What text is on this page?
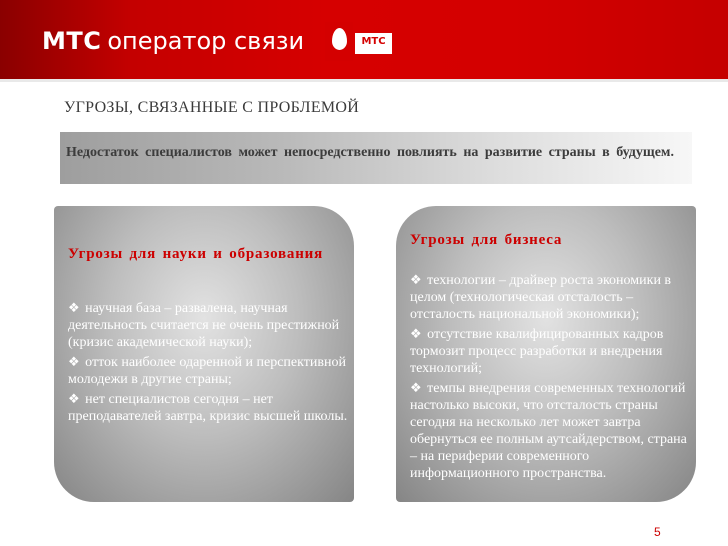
МТС оператор связи	МТС
УГРОЗЫ, СВЯЗАННЫЕ С ПРОБЛЕМОЙ
Недостаток специалистов может непосредственно повлиять на развитие страны в будущем.
Угрозы для науки и образования
❖ научная база – развалена, научная деятельность считается не очень престижной (кризис академической науки);
❖ отток наиболее одаренной и перспективной молодежи в другие страны;
❖ нет специалистов сегодня – нет преподавателей завтра, кризис высшей школы.
Угрозы для бизнеса
❖ технологии – драйвер роста экономики в целом (технологическая отсталость – отсталость национальной экономики);
❖ отсутствие квалифицированных кадров тормозит процесс разработки и внедрения технологий;
❖ темпы внедрения современных технологий настолько высоки, что отсталость страны сегодня на несколько лет может завтра обернуться ее полным аутсайдерством, страна – на периферии современного информационного пространства.
5
